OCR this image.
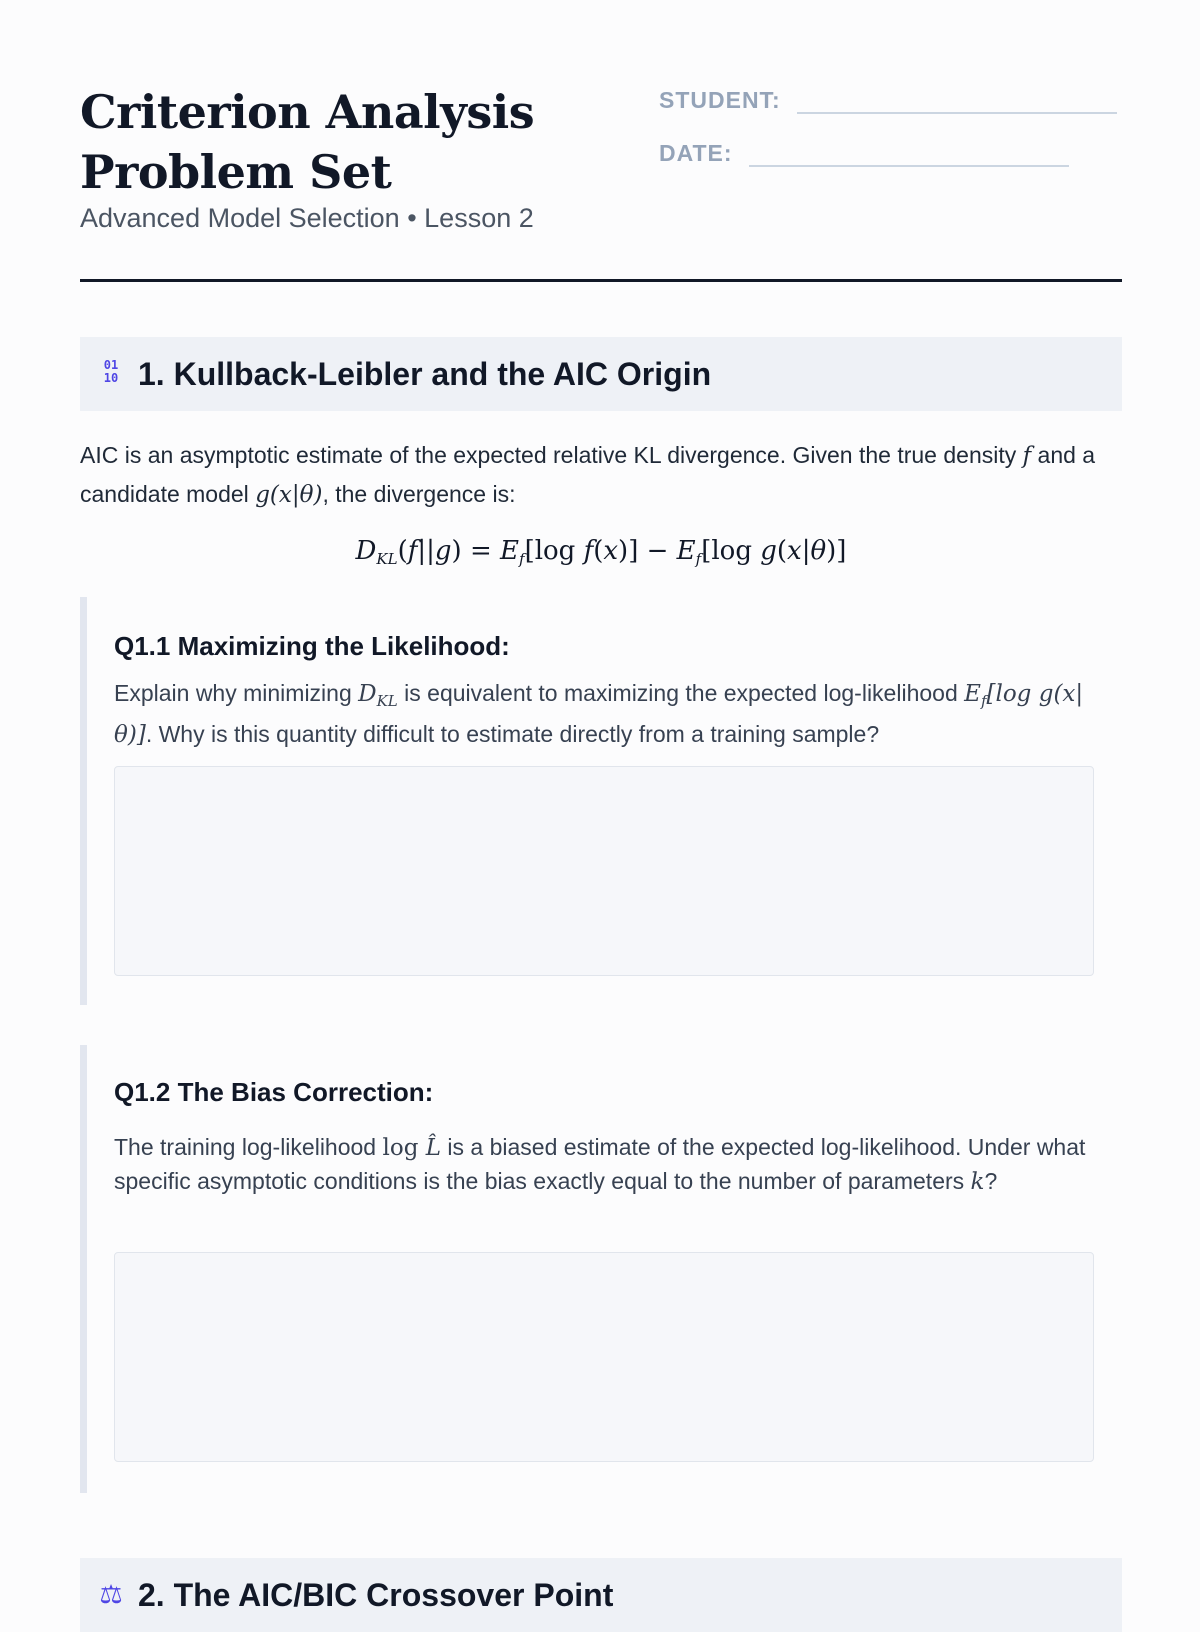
Criterion Analysis Problem Set

Advanced Model Selection • Lesson 2

STUDENT:
DATE:
01
10 1. Kullback-Leibler and the AIC Origin

AIC is an asymptotic estimate of the expected relative KL divergence. Given the true density f and a candidate model g(x|θ), the divergence is:

$D_{KL}(f||g) = E_f[\log$ $f(x)] - E_f[\log$ g(x|θ)]

Q1.1 Maximizing the Likelihood:

Explain why minimizing $D_{KL}$ is equivalent to maximizing the expected log-likelihood $E_f[\log$ g(x|θ)]. Why is this quantity difficult to estimate directly from a training sample?

Q1.2 The Bias Correction:

The training log-likelihood log L̂ is a biased estimate of the expected log-likelihood. Under what specific asymptotic conditions is the bias exactly equal to the number of parameters k?

⚖ 2. The AIC/BIC Crossover Point
